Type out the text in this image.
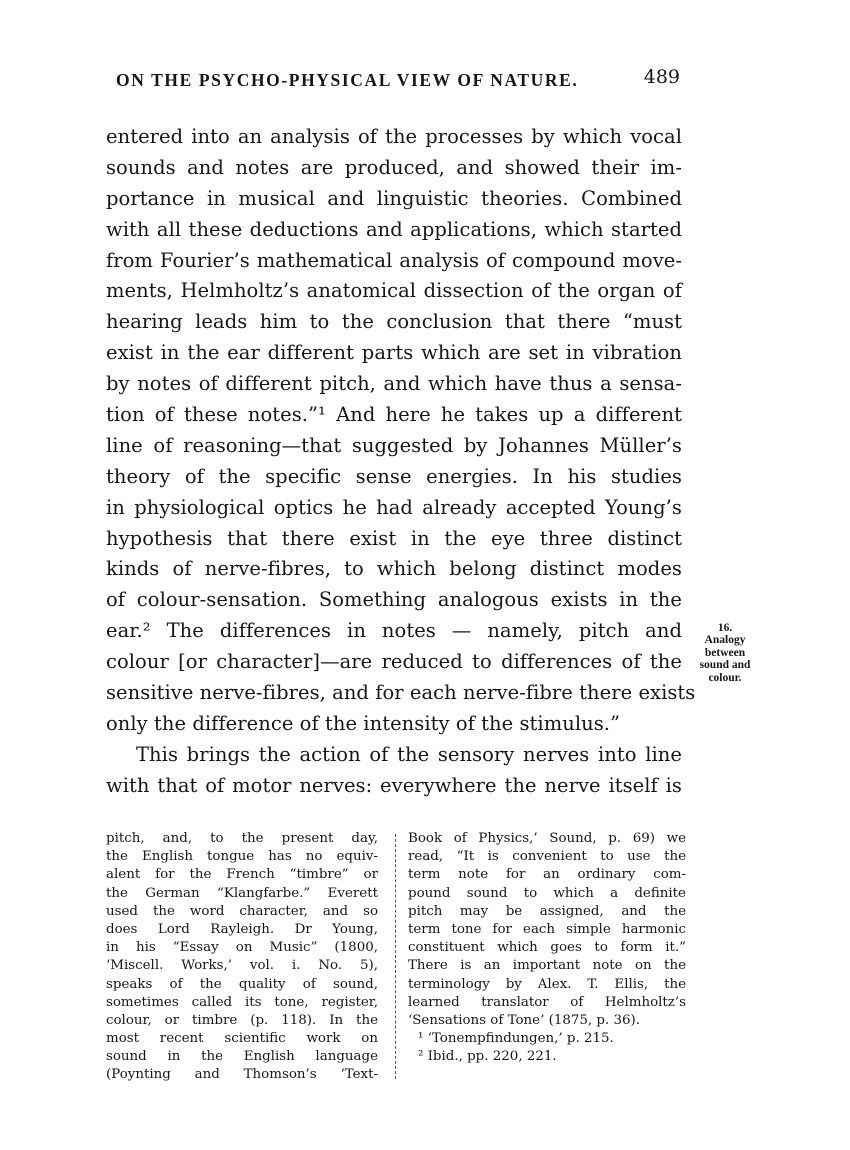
ON THE PSYCHO-PHYSICAL VIEW OF NATURE.	489
entered into an analysis of the processes by which vocal
sounds and notes are produced, and showed their im-
portance in musical and linguistic theories. Combined
with all these deductions and applications, which started
from Fourier’s mathematical analysis of compound move-
ments, Helmholtz’s anatomical dissection of the organ of
hearing leads him to the conclusion that there “must
exist in the ear different parts which are set in vibration
by notes of different pitch, and which have thus a sensa-
tion of these notes.”¹ And here he takes up a different
line of reasoning—that suggested by Johannes Müller’s
theory of the specific sense energies. In his studies
in physiological optics he had already accepted Young’s
hypothesis that there exist in the eye three distinct
kinds of nerve-fibres, to which belong distinct modes
of colour-sensation. Something analogous exists in the
ear.² The differences in notes — namely, pitch and
colour [or character]—are reduced to differences of the
sensitive nerve-fibres, and for each nerve-fibre there exists
only the difference of the intensity of the stimulus.”
This brings the action of the sensory nerves into line
with that of motor nerves: everywhere the nerve itself is
16.
Analogy
between
sound and
colour.
pitch, and, to the present day,
the English tongue has no equiv-
alent for the French “timbre” or
the German “Klangfarbe.” Everett
used the word character, and so
does Lord Rayleigh. Dr Young,
in his “Essay on Music” (1800,
‘Miscell. Works,’ vol. i. No. 5),
speaks of the quality of sound,
sometimes called its tone, register,
colour, or timbre (p. 118). In the
most recent scientific work on
sound in the English language
(Poynting and Thomson’s ‘Text-
Book of Physics,’ Sound, p. 69) we
read, “It is convenient to use the
term note for an ordinary com-
pound sound to which a definite
pitch may be assigned, and the
term tone for each simple harmonic
constituent which goes to form it.”
There is an important note on the
terminology by Alex. T. Ellis, the
learned translator of Helmholtz’s
‘Sensations of Tone’ (1875, p. 36).
¹ ‘Tonempfindungen,’ p. 215.
² Ibid., pp. 220, 221.
